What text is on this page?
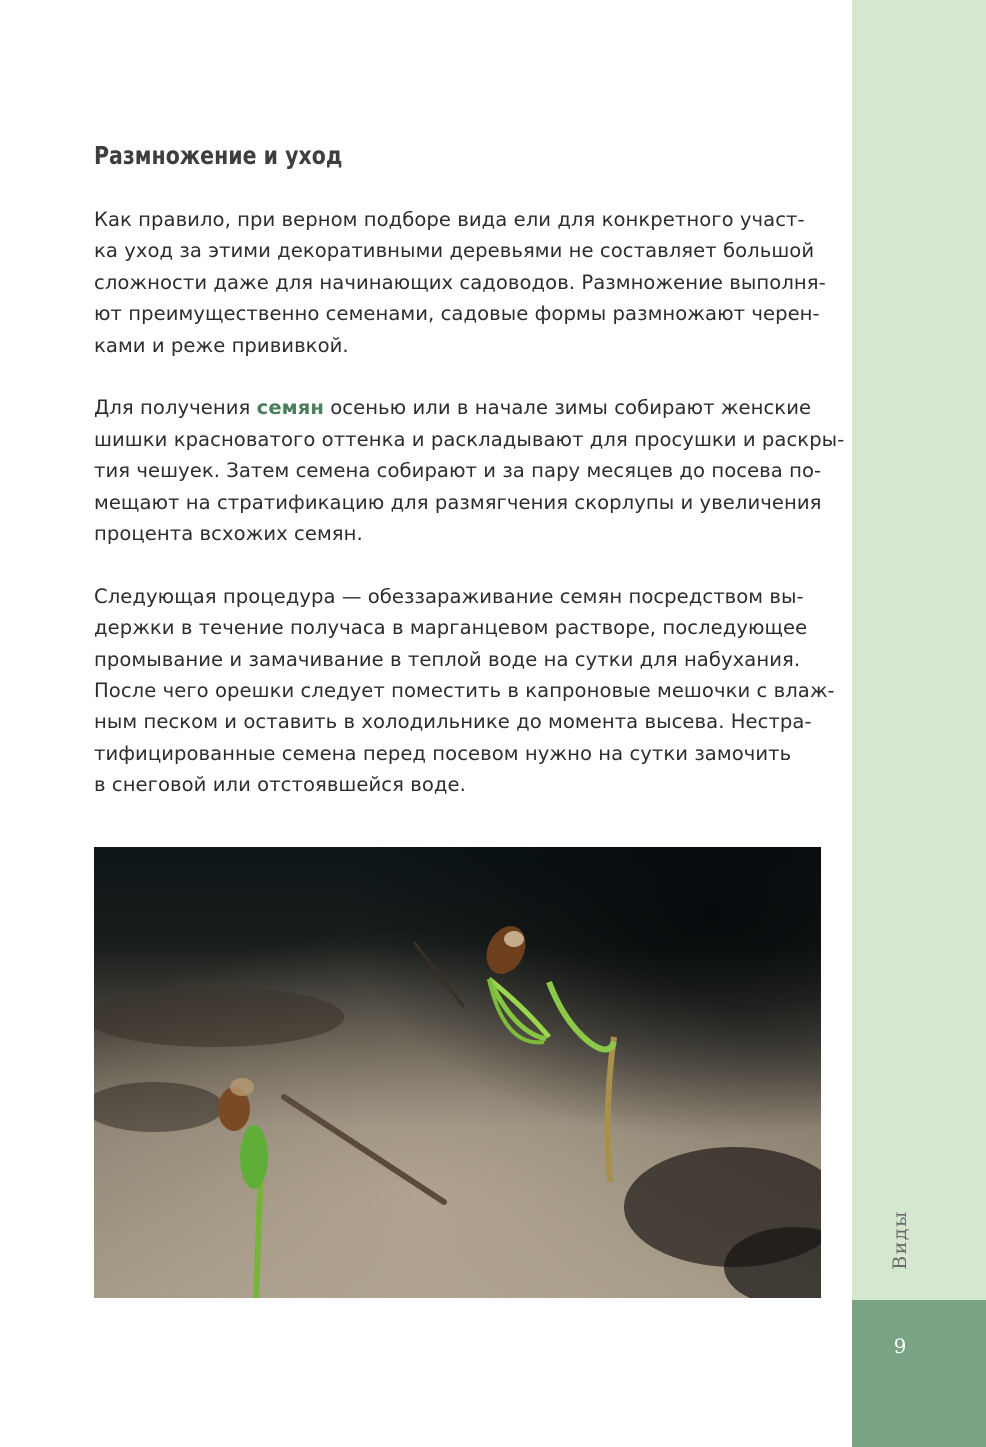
Виды
9
Размножение и уход

Как правило, при верном подборе вида ели для конкретного участ-
ка уход за этими декоративными деревьями не составляет большой
сложности даже для начинающих садоводов. Размножение выполня-
ют преимущественно семенами, садовые формы размножают черен-
ками и реже прививкой.

Для получения семян осенью или в начале зимы собирают женские
шишки красноватого оттенка и раскладывают для просушки и раскры-
тия чешуек. Затем семена собирают и за пару месяцев до посева по-
мещают на стратификацию для размягчения скорлупы и увеличения
процента всхожих семян.

Следующая процедура — обеззараживание семян посредством вы-
держки в течение получаса в марганцевом растворе, последующее
промывание и замачивание в теплой воде на сутки для набухания.
После чего орешки следует поместить в капроновые мешочки с влаж-
ным песком и оставить в холодильнике до момента высева. Нестра-
тифицированные семена перед посевом нужно на сутки замочить
в снеговой или отстоявшейся воде.
